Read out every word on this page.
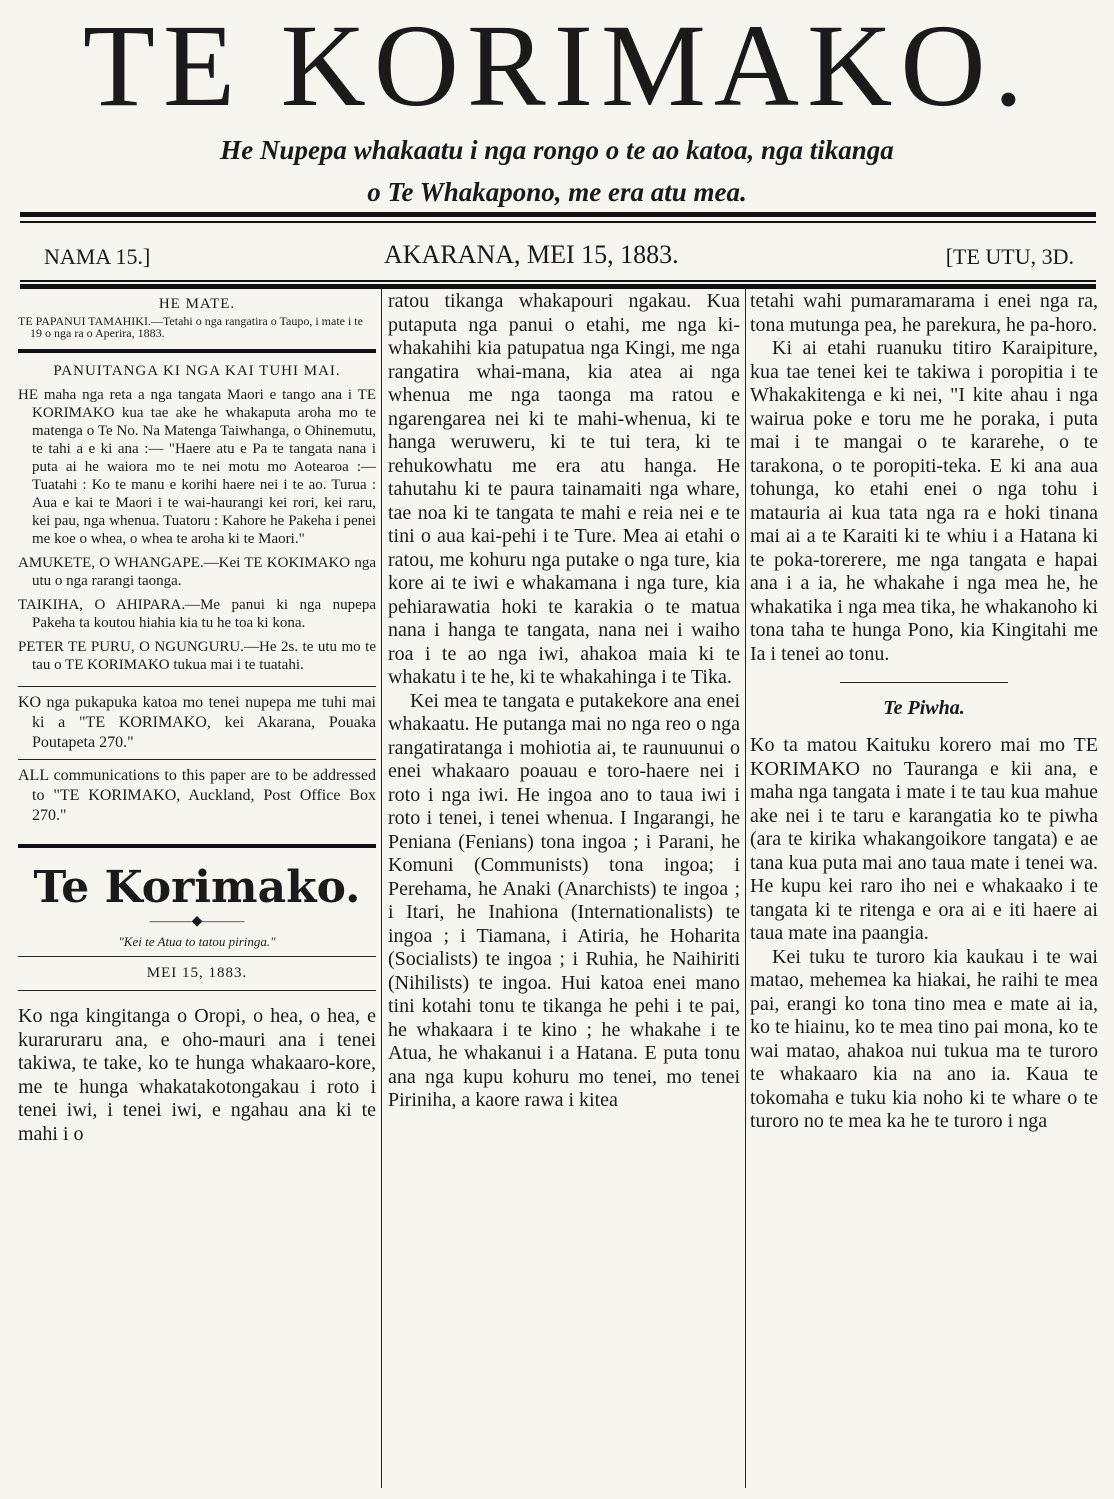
TE KORIMAKO.
He Nupepa whakaatu i nga rongo o te ao katoa, nga tikanga
o Te Whakapono, me era atu mea.
NAMA 15.]	AKARANA, MEI 15, 1883.	[TE UTU, 3D.
HE MATE.

TE PAPANUI TAMAHIKI.—Tetahi o nga rangatira o Taupo, i mate i te 19 o nga ra o Aperira, 1883.

PANUITANGA KI NGA KAI TUHI MAI.

HE maha nga reta a nga tangata Maori e tango ana i TE KORIMAKO kua tae ake he whakaputa aroha mo te matenga o Te No. Na Matenga Taiwhanga, o Ohinemutu, te tahi a e ki ana :— "Haere atu e Pa te tangata nana i puta ai he waiora mo te nei motu mo Aotearoa :—Tuatahi : Ko te manu e korihi haere nei i te ao. Turua : Aua e kai te Maori i te wai-haurangi kei rori, kei raru, kei pau, nga whenua. Tuatoru : Kahore he Pakeha i penei me koe o whea, o whea te aroha ki te Maori."

AMUKETE, O WHANGAPE.—Kei TE KOKIMAKO nga utu o nga rarangi taonga.

TAIKIHA, O AHIPARA.—Me panui ki nga nupepa Pakeha ta koutou hiahia kia tu he toa ki kona.

PETER TE PURU, O NGUNGURU.—He 2s. te utu mo te tau o TE KORIMAKO tukua mai i te tuatahi.

KO nga pukapuka katoa mo tenei nupepa me tuhi mai ki a "TE KORIMAKO, kei Akarana, Pouaka Poutapeta 270."

ALL communications to this paper are to be addressed to "TE KORIMAKO, Auckland, Post Office Box 270."

Te Korimako.
———◆———
"Kei te Atua to tatou piringa."
MEI 15, 1883.

Ko nga kingitanga o Oropi, o hea, o hea, e kuraruraru ana, e oho-mauri ana i tenei takiwa, te take, ko te hunga whakaaro-kore, me te hunga whakatakotongakau i roto i tenei iwi, i tenei iwi, e ngahau ana ki te mahi i o

ratou tikanga whakapouri ngakau. Kua putaputa nga panui o etahi, me nga ki-whakahihi kia patupatua nga Kingi, me nga rangatira whai-mana, kia atea ai nga whenua me nga taonga ma ratou e ngarengarea nei ki te mahi-whenua, ki te hanga weruweru, ki te tui tera, ki te rehukowhatu me era atu hanga. He tahutahu ki te paura tainamaiti nga whare, tae noa ki te tangata te mahi e reia nei e te tini o aua kai-pehi i te Ture. Mea ai etahi o ratou, me kohuru nga putake o nga ture, kia kore ai te iwi e whakamana i nga ture, kia pehiarawatia hoki te karakia o te matua nana i hanga te tangata, nana nei i waiho roa i te ao nga iwi, ahakoa maia ki te whakatu i te he, ki te whakahinga i te Tika.

Kei mea te tangata e putakekore ana enei whakaatu. He putanga mai no nga reo o nga rangatiratanga i mohiotia ai, te raunuunui o enei whakaaro poauau e toro-haere nei i roto i nga iwi. He ingoa ano to taua iwi i roto i tenei, i tenei whenua. I Ingarangi, he Peniana (Fenians) tona ingoa ; i Parani, he Komuni (Communists) tona ingoa; i Perehama, he Anaki (Anarchists) te ingoa ; i Itari, he Inahiona (Internationalists) te ingoa ; i Tiamana, i Atiria, he Hoharita (Socialists) te ingoa ; i Ruhia, he Naihiriti (Nihilists) te ingoa. Hui katoa enei mano tini kotahi tonu te tikanga he pehi i te pai, he whakaara i te kino ; he whakahe i te Atua, he whakanui i a Hatana. E puta tonu ana nga kupu kohuru mo tenei, mo tenei Piriniha, a kaore rawa i kitea

tetahi wahi pumaramarama i enei nga ra, tona mutunga pea, he parekura, he pa-horo.

Ki ai etahi ruanuku titiro Karaipiture, kua tae tenei kei te takiwa i poropitia i te Whakakitenga e ki nei, "I kite ahau i nga wairua poke e toru me he poraka, i puta mai i te mangai o te kararehe, o te tarakona, o te poropiti-teka. E ki ana aua tohunga, ko etahi enei o nga tohu i matauria ai kua tata nga ra e hoki tinana mai ai a te Karaiti ki te whiu i a Hatana ki te poka-torerere, me nga tangata e hapai ana i a ia, he whakahe i nga mea he, he whakatika i nga mea tika, he whakanoho ki tona taha te hunga Pono, kia Kingitahi me Ia i tenei ao tonu.

Te Piwha.

Ko ta matou Kaituku korero mai mo TE KORIMAKO no Tauranga e kii ana, e maha nga tangata i mate i te tau kua mahue ake nei i te taru e karangatia ko te piwha (ara te kirika whakangoikore tangata) e ae tana kua puta mai ano taua mate i tenei wa. He kupu kei raro iho nei e whakaako i te tangata ki te ritenga e ora ai e iti haere ai taua mate ina paangia.

Kei tuku te turoro kia kaukau i te wai matao, mehemea ka hiakai, he raihi te mea pai, erangi ko tona tino mea e mate ai ia, ko te hiainu, ko te mea tino pai mona, ko te wai matao, ahakoa nui tukua ma te turoro te whakaaro kia na ano ia. Kaua te tokomaha e tuku kia noho ki te whare o te turoro no te mea ka he te turoro i nga
